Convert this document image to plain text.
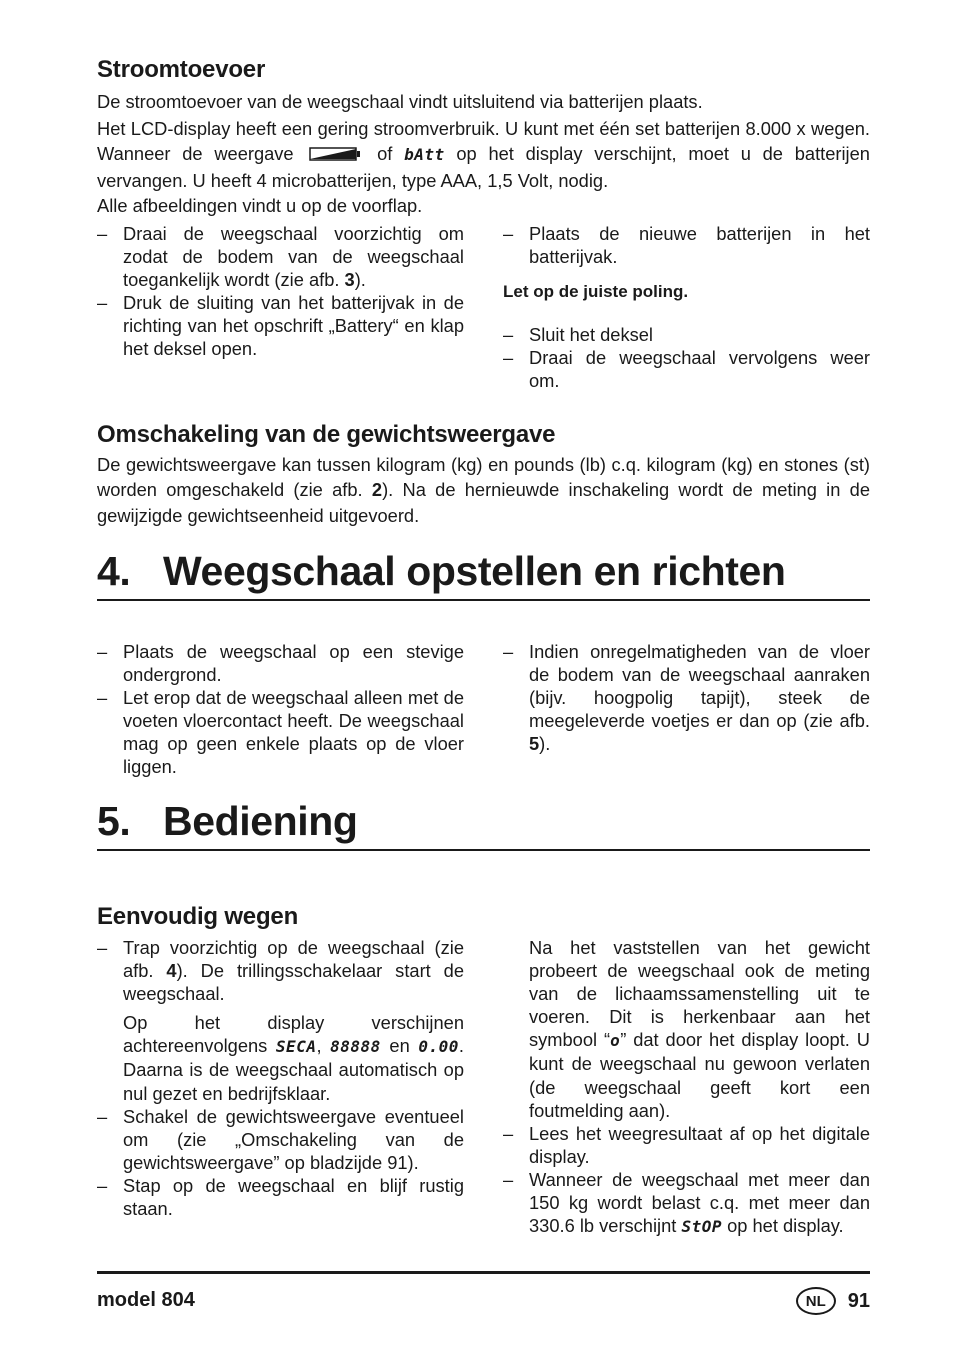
Stroomtoevoer
De stroomtoevoer van de weegschaal vindt uitsluitend via batterijen plaats.
Het LCD-display heeft een gering stroomverbruik. U kunt met één set batterijen 8.000 x wegen. Wanneer de weergave	of bAtt op het display verschijnt, moet u de batterijen vervangen. U heeft 4 microbatterijen, type AAA, 1,5 Volt, nodig.
Alle afbeeldingen vindt u op de voorflap.

– Draai de weegschaal voorzichtig om zodat de bodem van de weegschaal toegankelijk wordt (zie afb. 3).

– Druk de sluiting van het batterijvak in de richting van het opschrift „Battery“ en klap het deksel open.

– Plaats de nieuwe batterijen in het batterijvak.

Let op de juiste poling.

– Sluit het deksel

– Draai de weegschaal vervolgens weer om.

Omschakeling van de gewichtsweergave
De gewichtsweergave kan tussen kilogram (kg) en pounds (lb) c.q. kilogram (kg) en stones (st) worden omgeschakeld (zie afb. 2). Na de hernieuwde inschakeling wordt de meting in de gewijzigde gewichtseenheid uitgevoerd.
4. Weegschaal opstellen en richten

– Plaats de weegschaal op een stevige ondergrond.

– Let erop dat de weegschaal alleen met de voeten vloercontact heeft. De weegschaal mag op geen enkele plaats op de vloer liggen.

– Indien onregelmatigheden van de vloer de bodem van de weegschaal aanraken (bijv. hoogpolig tapijt), steek de meegeleverde voetjes er dan op (zie afb. 5).

5. Bediening
Eenvoudig wegen

– Trap voorzichtig op de weegschaal (zie afb. 4). De trillingsschakelaar start de weegschaal.

Op het display verschijnen achtereenvolgens SECA, 88888 en 0.00. Daarna is de weegschaal automatisch op nul gezet en bedrijfsklaar.

– Schakel de gewichtsweergave eventueel om (zie „Omschakeling van de gewichtsweergave” op bladzijde 91).

– Stap op de weegschaal en blijf rustig staan.

Na het vaststellen van het gewicht probeert de weegschaal ook de meting van de lichaamssamenstelling uit te voeren. Dit is herkenbaar aan het symbool “o” dat door het display loopt. U kunt de weegschaal nu gewoon verlaten (de weegschaal geeft kort een foutmelding aan).

– Lees het weegresultaat af op het digitale display.

– Wanneer de weegschaal met meer dan 150 kg wordt belast c.q. met meer dan 330.6 lb verschijnt StOP op het display.

model 804	NL	91
